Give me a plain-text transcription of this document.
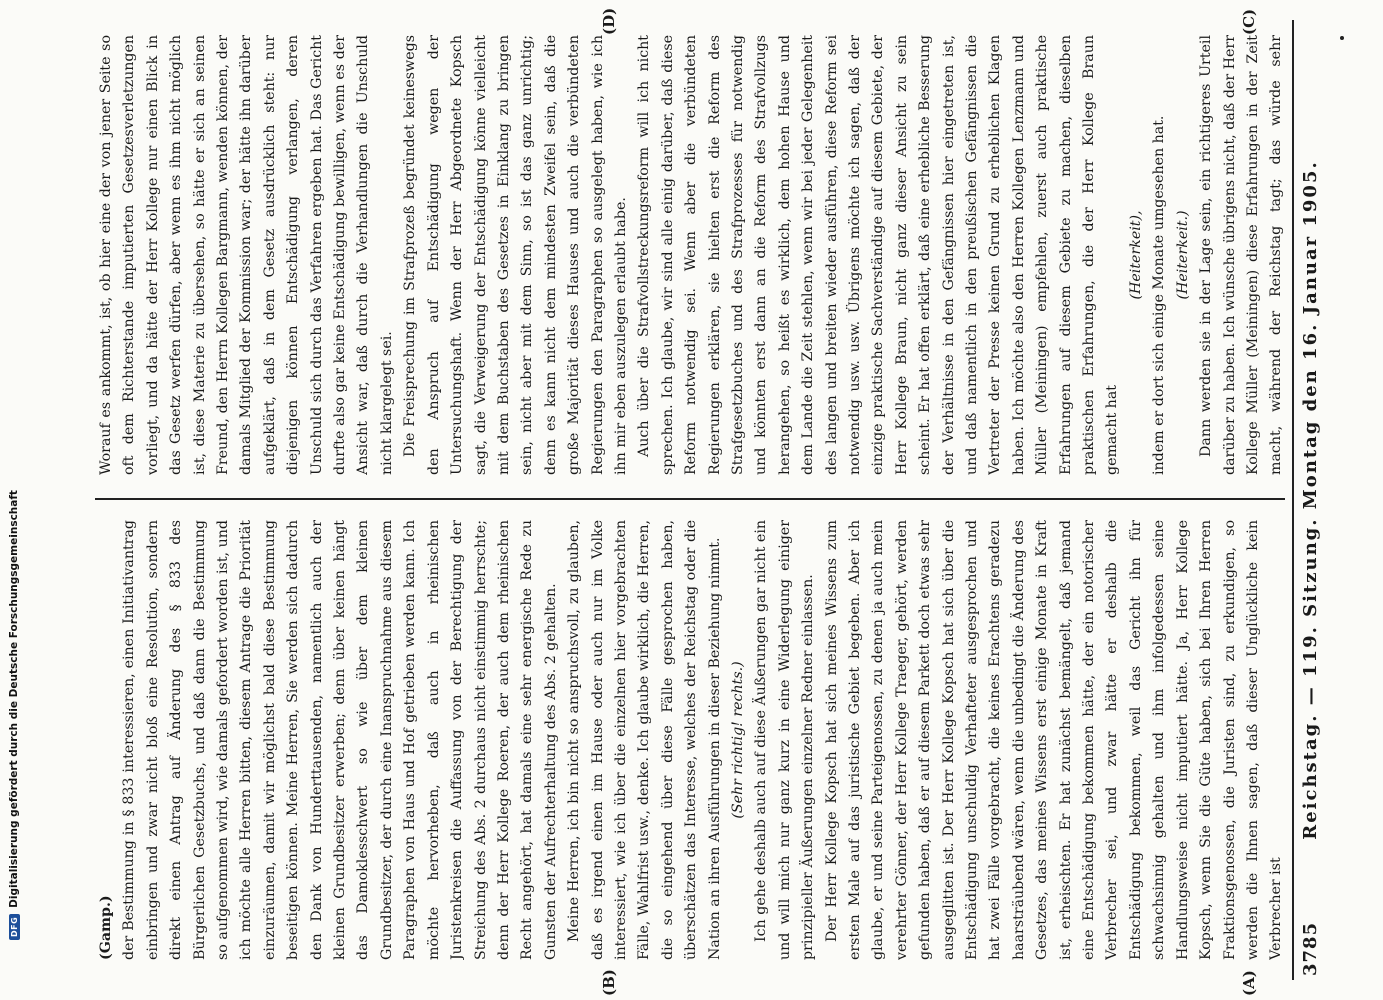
DFG
Digitalisierung gefördert durch die Deutsche Forschungsgemeinschaft
3785
Reichstag. — 119. Sitzung. Montag den 16. Januar 1905.
(A)
(B)
(C)
(D)

(Gamp.) der Bestimmung in § 833 interessieren, einen Initiativantrag einbringen und zwar nicht bloß eine Resolution, sondern direkt einen Antrag auf Änderung des § 833 des Bürgerlichen Gesetzbuchs, und daß dann die Bestimmung so aufgenommen wird, wie damals gefordert worden ist, und ich möchte alle Herren bitten, diesem Antrage die Priorität einzuräumen, damit wir möglichst bald diese Bestimmung beseitigen können. Meine Herren, Sie werden sich dadurch den Dank von Hunderttausenden, namentlich auch der kleinen Grundbesitzer erwerben; denn über keinen hängt das Damoklesschwert so wie über dem kleinen Grundbesitzer, der durch eine Inanspruchnahme aus diesem Paragraphen von Haus und Hof getrieben werden kann. Ich möchte hervorheben, daß auch in rheinischen Juristenkreisen die Auffassung von der Berechtigung der Streichung des Abs. 2 durchaus nicht einstimmig herrschte; denn der Herr Kollege Roeren, der auch dem rheinischen Recht angehört, hat damals eine sehr energische Rede zu Gunsten der Aufrechterhaltung des Abs. 2 gehalten. Meine Herren, ich bin nicht so anspruchsvoll, zu glauben, daß es irgend einen im Hause oder auch nur im Volke interessiert, wie ich über die einzelnen hier vorgebrachten Fälle, Wahlfrist usw., denke. Ich glaube wirklich, die Herren, die so eingehend über diese Fälle gesprochen haben, überschätzen das Interesse, welches der Reichstag oder die Nation an ihren Ausführungen in dieser Beziehung nimmt. (Sehr richtig! rechts.) Ich gehe deshalb auch auf diese Äußerungen gar nicht ein und will mich nur ganz kurz in eine Widerlegung einiger prinzipieller Äußerungen einzelner Redner einlassen. Der Herr Kollege Kopsch hat sich meines Wissens zum ersten Male auf das juristische Gebiet begeben. Aber ich glaube, er und seine Parteigenossen, zu denen ja auch mein verehrter Gönner, der Herr Kollege Traeger, gehört, werden gefunden haben, daß er auf diesem Parkett doch etwas sehr ausgeglitten ist. Der Herr Kollege Kopsch hat sich über die Entschädigung unschuldig Verhafteter ausgesprochen und hat zwei Fälle vorgebracht, die keines Erachtens geradezu haarsträubend wären, wenn die unbedingt die Änderung des Gesetzes, das meines Wissens erst einige Monate in Kraft ist, erheischten. Er hat zunächst bemängelt, daß jemand eine Entschädigung bekommen hätte, der ein notorischer Verbrecher sei, und zwar hätte er deshalb die Entschädigung bekommen, weil das Gericht ihn für schwachsinnig gehalten und ihm infolgedessen seine Handlungsweise nicht imputiert hätte. Ja, Herr Kollege Kopsch, wenn Sie die Güte haben, sich bei Ihren Herren Fraktionsgenossen, die Juristen sind, zu erkundigen, so werden die Ihnen sagen, daß dieser Unglückliche kein Verbrecher ist

Worauf es ankommt, ist, ob hier eine der von jener Seite so oft dem Richterstande imputierten Gesetzesverletzungen vorliegt, und da hätte der Herr Kollege nur einen Blick in das Gesetz werfen dürfen, aber wenn es ihm nicht möglich ist, diese Materie zu übersehen, so hätte er sich an seinen Freund, den Herrn Kollegen Bargmann, wenden können, der damals Mitglied der Kommission war; der hätte ihn darüber aufgeklärt, daß in dem Gesetz ausdrücklich steht: nur diejenigen können Entschädigung verlangen, deren Unschuld sich durch das Verfahren ergeben hat. Das Gericht durfte also gar keine Entschädigung bewilligen, wenn es der Ansicht war, daß durch die Verhandlungen die Unschuld nicht klargelegt sei. Die Freisprechung im Strafprozeß begründet keineswegs den Anspruch auf Entschädigung wegen der Untersuchungshaft. Wenn der Herr Abgeordnete Kopsch sagt, die Verweigerung der Entschädigung könne vielleicht mit dem Buchstaben des Gesetzes in Einklang zu bringen sein, nicht aber mit dem Sinn, so ist das ganz unrichtig; denn es kann nicht dem mindesten Zweifel sein, daß die große Majorität dieses Hauses und auch die verbündeten Regierungen den Paragraphen so ausgelegt haben, wie ich ihn mir eben auszulegen erlaubt habe. Auch über die Strafvollstreckungsreform will ich nicht sprechen. Ich glaube, wir sind alle einig darüber, daß diese Reform notwendig sei. Wenn aber die verbündeten Regierungen erklären, sie hielten erst die Reform des Strafgesetzbuches und des Strafprozesses für notwendig und könnten erst dann an die Reform des Strafvollzugs herangehen, so heißt es wirklich, dem hohen Hause und dem Lande die Zeit stehlen, wenn wir bei jeder Gelegenheit des langen und breiten wieder ausführen, diese Reform sei notwendig usw. usw. Übrigens möchte ich sagen, daß der einzige praktische Sachverständige auf diesem Gebiete, der Herr Kollege Braun, nicht ganz dieser Ansicht zu sein scheint. Er hat offen erklärt, daß eine erhebliche Besserung der Verhältnisse in den Gefängnissen hier eingetreten ist, und daß namentlich in den preußischen Gefängnissen die Vertreter der Presse keinen Grund zu erheblichen Klagen haben. Ich möchte also den Herren Kollegen Lenzmann und Müller (Meiningen) empfehlen, zuerst auch praktische Erfahrungen auf diesem Gebiete zu machen, dieselben praktischen Erfahrungen, die der Herr Kollege Braun gemacht hat

(Heiterkeit), indem er dort sich einige Monate umgesehen hat. (Heiterkeit.)

Dann werden sie in der Lage sein, ein richtigeres Urteil darüber zu haben. Ich wünsche übrigens nicht, daß der Herr Kollege Müller (Meiningen) diese Erfahrungen in der Zeit macht, während der Reichstag tagt; das würde sehr
